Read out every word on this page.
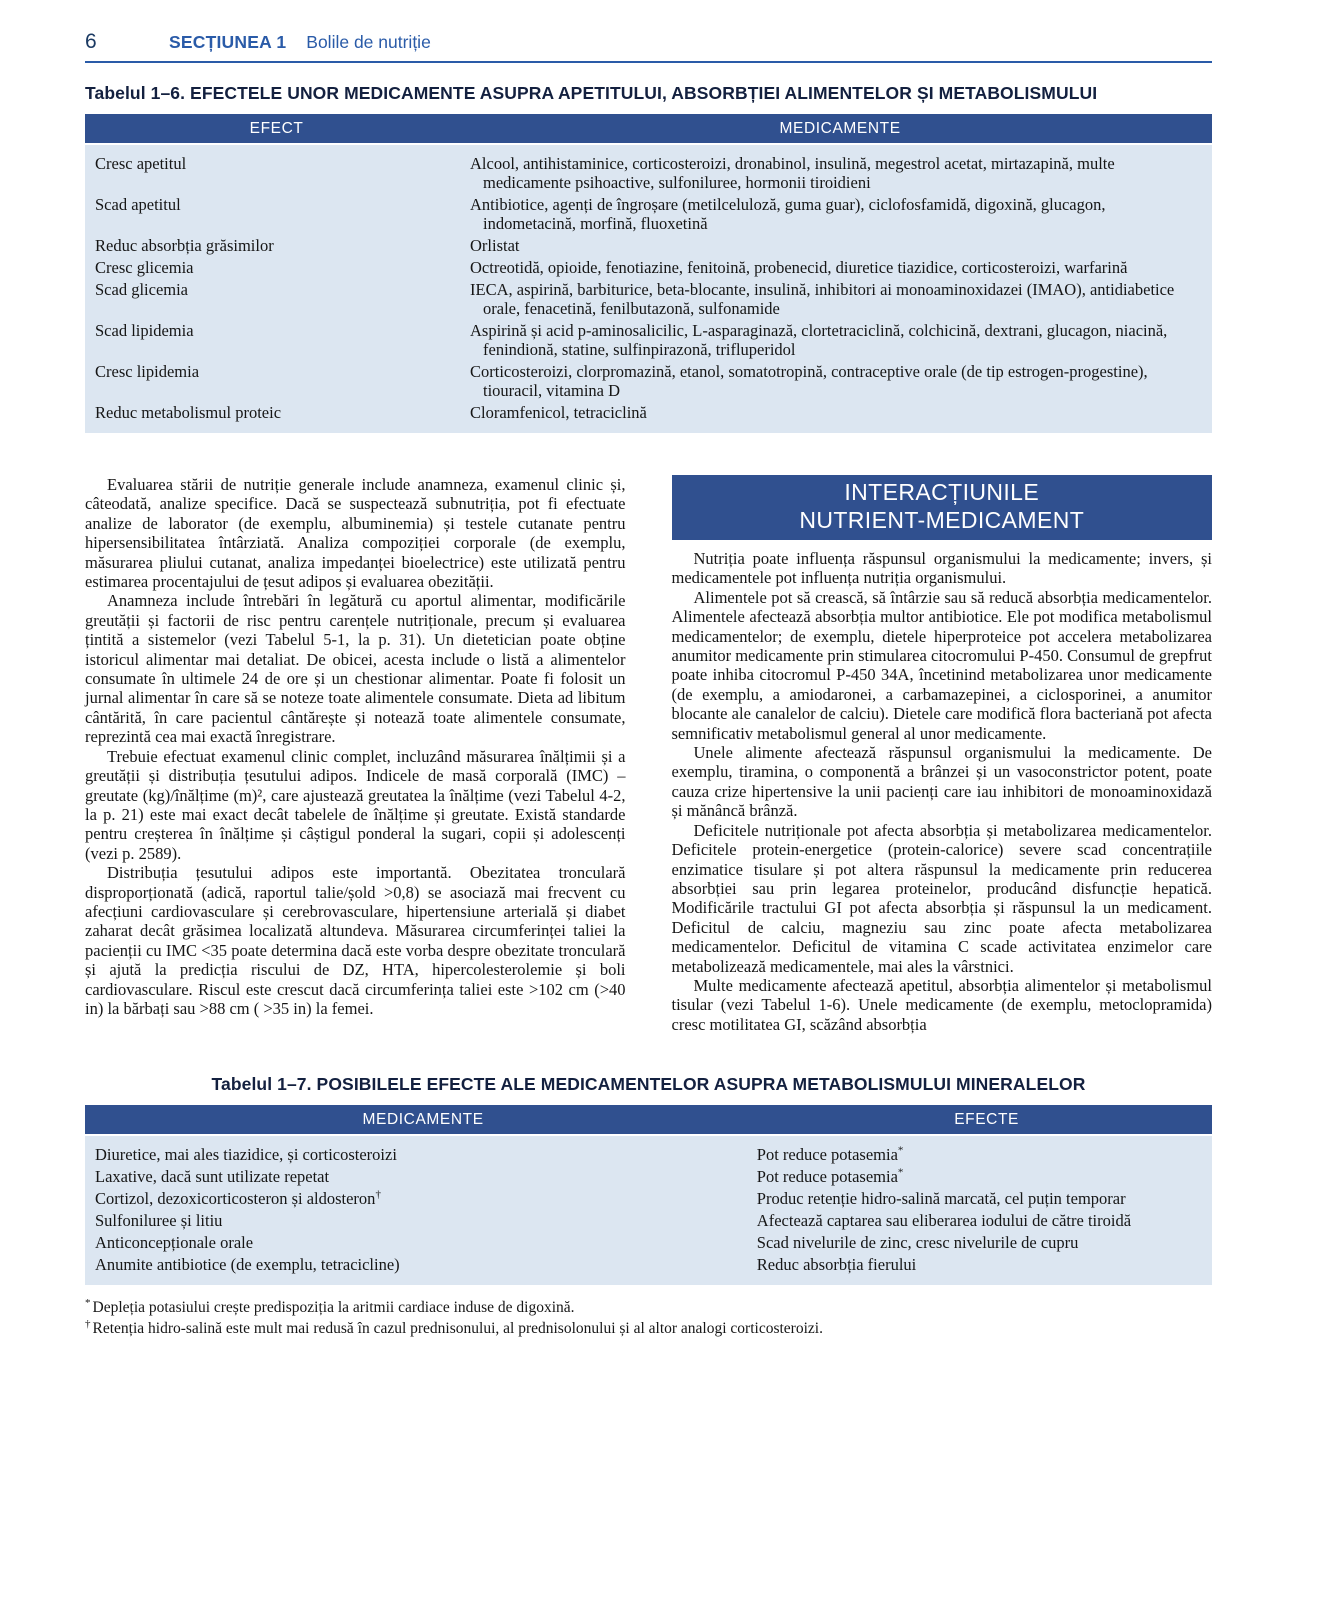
6	SECȚIUNEA 1 Bolile de nutriție
Tabelul 1–6. EFECTELE UNOR MEDICAMENTE ASUPRA APETITULUI, ABSORBȚIEI ALIMENTELOR ȘI METABOLISMULUI
EFECT	MEDICAMENTE
Cresc apetitul	Alcool, antihistaminice, corticosteroizi, dronabinol, insulină, megestrol acetat, mirtazapină, multe medicamente psihoactive, sulfoniluree, hormonii tiroidieni
Scad apetitul	Antibiotice, agenți de îngroșare (metilceluloză, guma guar), ciclofosfamidă, digoxină, glucagon, indometacină, morfină, fluoxetină
Reduc absorbția grăsimilor	Orlistat
Cresc glicemia	Octreotidă, opioide, fenotiazine, fenitoină, probenecid, diuretice tiazidice, corticosteroizi, warfarină
Scad glicemia	IECA, aspirină, barbiturice, beta-blocante, insulină, inhibitori ai monoaminoxidazei (IMAO), antidiabetice orale, fenacetină, fenilbutazonă, sulfonamide
Scad lipidemia	Aspirină și acid p-aminosalicilic, L-asparaginază, clortetraciclină, colchicină, dextrani, glucagon, niacină, fenindionă, statine, sulfinpirazonă, trifluperidol
Cresc lipidemia	Corticosteroizi, clorpromazină, etanol, somatotropină, contraceptive orale (de tip estrogen-progestine), tiouracil, vitamina D
Reduc metabolismul proteic	Cloramfenicol, tetraciclină

Evaluarea stării de nutriție generale include anamneza, examenul clinic și, câteodată, analize specifice. Dacă se suspectează subnutriția, pot fi efectuate analize de laborator (de exemplu, albuminemia) și testele cutanate pentru hipersensibilitatea întârziată. Analiza compoziției corporale (de exemplu, măsurarea pliului cutanat, analiza impedanței bioelectrice) este utilizată pentru estimarea procentajului de țesut adipos și evaluarea obezității.

Anamneza include întrebări în legătură cu aportul alimentar, modificările greutății și factorii de risc pentru carențele nutriționale, precum și evaluarea țintită a sistemelor (vezi Tabelul 5-1, la p. 31). Un dietetician poate obține istoricul alimentar mai detaliat. De obicei, acesta include o listă a alimentelor consumate în ultimele 24 de ore și un chestionar alimentar. Poate fi folosit un jurnal alimentar în care să se noteze toate alimentele consumate. Dieta ad libitum cântărită, în care pacientul cântărește și notează toate alimentele consumate, reprezintă cea mai exactă înregistrare.

Trebuie efectuat examenul clinic complet, incluzând măsurarea înălțimii și a greutății și distribuția țesutului adipos. Indicele de masă corporală (IMC) – greutate (kg)/înălțime (m)², care ajustează greutatea la înălțime (vezi Tabelul 4-2, la p. 21) este mai exact decât tabelele de înălțime și greutate. Există standarde pentru creșterea în înălțime și câștigul ponderal la sugari, copii și adolescenți (vezi p. 2589).

Distribuția țesutului adipos este importantă. Obezitatea tronculară disproporționată (adică, raportul talie/șold >0,8) se asociază mai frecvent cu afecțiuni cardiovasculare și cerebrovasculare, hipertensiune arterială și diabet zaharat decât grăsimea localizată altundeva. Măsurarea circumferinței taliei la pacienții cu IMC <35 poate determina dacă este vorba despre obezitate tronculară și ajută la predicția riscului de DZ, HTA, hipercolesterolemie și boli cardiovasculare. Riscul este crescut dacă circumferința taliei este >102 cm (>40 in) la bărbați sau >88 cm ( >35 in) la femei.

INTERACȚIUNILE
NUTRIENT-MEDICAMENT

Nutriția poate influența răspunsul organismului la medicamente; invers, și medicamentele pot influența nutriția organismului.

Alimentele pot să crească, să întârzie sau să reducă absorbția medicamentelor. Alimentele afectează absorbția multor antibiotice. Ele pot modifica metabolismul medicamentelor; de exemplu, dietele hiperproteice pot accelera metabolizarea anumitor medicamente prin stimularea citocromului P-450. Consumul de grepfrut poate inhiba citocromul P-450 34A, încetinind metabolizarea unor medicamente (de exemplu, a amiodaronei, a carbamazepinei, a ciclosporinei, a anumitor blocante ale canalelor de calciu). Dietele care modifică flora bacteriană pot afecta semnificativ metabolismul general al unor medicamente.

Unele alimente afectează răspunsul organismului la medicamente. De exemplu, tiramina, o componentă a brânzei și un vasoconstrictor potent, poate cauza crize hipertensive la unii pacienți care iau inhibitori de monoaminoxidază și mănâncă brânză.

Deficitele nutriționale pot afecta absorbția și metabolizarea medicamentelor. Deficitele protein-energetice (protein-calorice) severe scad concentrațiile enzimatice tisulare și pot altera răspunsul la medicamente prin reducerea absorbției sau prin legarea proteinelor, producând disfuncție hepatică. Modificările tractului GI pot afecta absorbția și răspunsul la un medicament. Deficitul de calciu, magneziu sau zinc poate afecta metabolizarea medicamentelor. Deficitul de vitamina C scade activitatea enzimelor care metabolizează medicamentele, mai ales la vârstnici.

Multe medicamente afectează apetitul, absorbția alimentelor și metabolismul tisular (vezi Tabelul 1-6). Unele medicamente (de exemplu, metoclopramida) cresc motilitatea GI, scăzând absorbția

Tabelul 1–7. POSIBILELE EFECTE ALE MEDICAMENTELOR ASUPRA METABOLISMULUI MINERALELOR
MEDICAMENTE	EFECTE
Diuretice, mai ales tiazidice, și corticosteroizi	Pot reduce potasemia*
Laxative, dacă sunt utilizate repetat	Pot reduce potasemia*
Cortizol, dezoxicorticosteron și aldosteron†	Produc retenție hidro-salină marcată, cel puțin temporar
Sulfoniluree și litiu	Afectează captarea sau eliberarea iodului de către tiroidă
Anticoncepționale orale	Scad nivelurile de zinc, cresc nivelurile de cupru
Anumite antibiotice (de exemplu, tetracicline)	Reduc absorbția fierului

* Depleția potasiului crește predispoziția la aritmii cardiace induse de digoxină.

† Retenția hidro-salină este mult mai redusă în cazul prednisonului, al prednisolonului și al altor analogi corticosteroizi.
